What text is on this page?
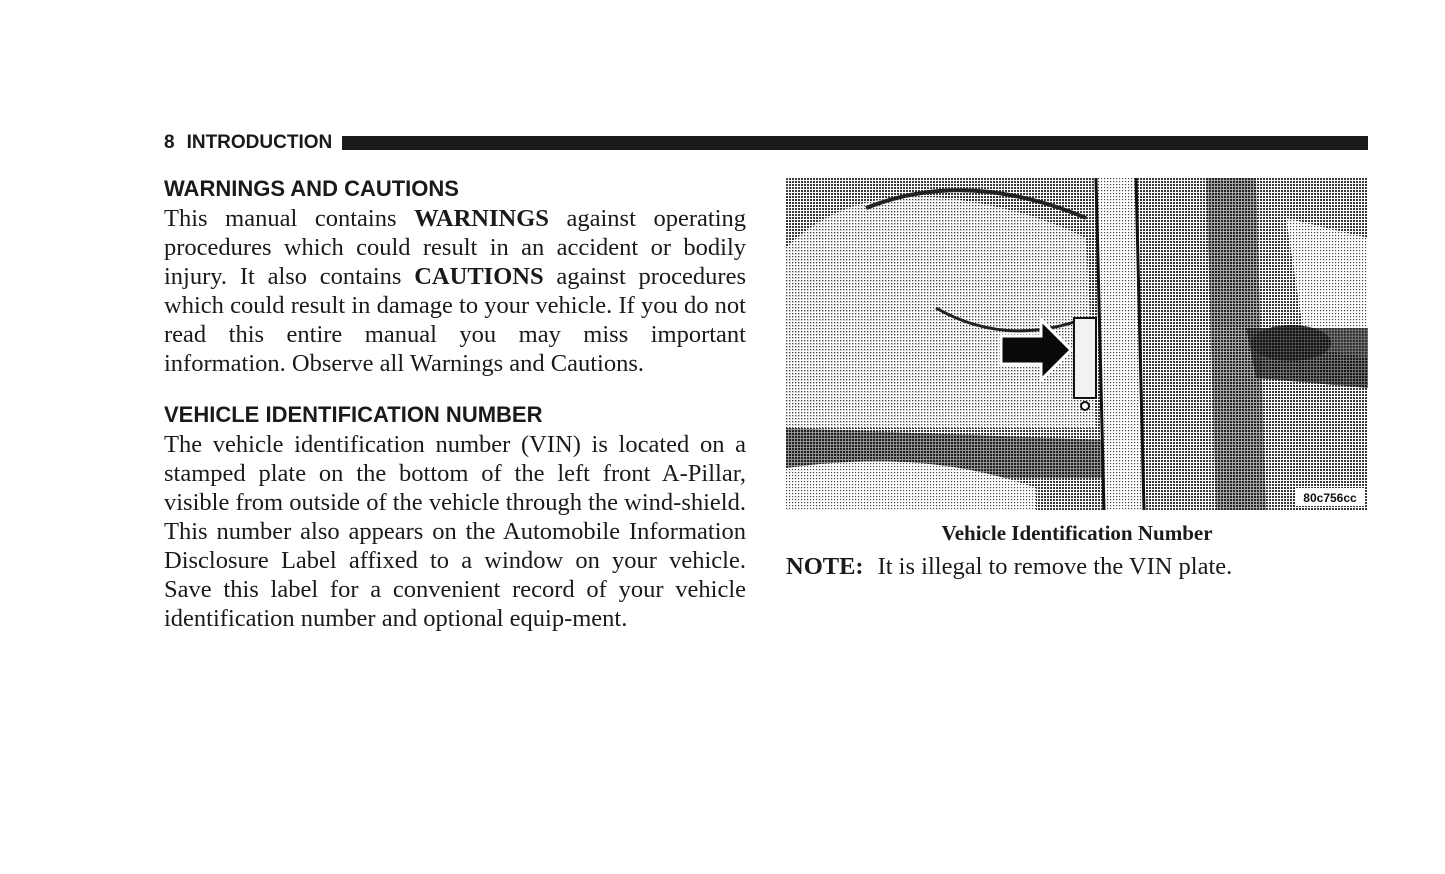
8 INTRODUCTION
WARNINGS AND CAUTIONS

This manual contains WARNINGS against operating procedures which could result in an accident or bodily injury. It also contains CAUTIONS against procedures which could result in damage to your vehicle. If you do not read this entire manual you may miss important information. Observe all Warnings and Cautions.

VEHICLE IDENTIFICATION NUMBER

The vehicle identification number (VIN) is located on a stamped plate on the bottom of the left front A-Pillar, visible from outside of the vehicle through the wind-shield. This number also appears on the Automobile Information Disclosure Label affixed to a window on your vehicle. Save this label for a convenient record of your vehicle identification number and optional equip-ment.

80c756cc
Vehicle Identification Number
NOTE: It is illegal to remove the VIN plate.
